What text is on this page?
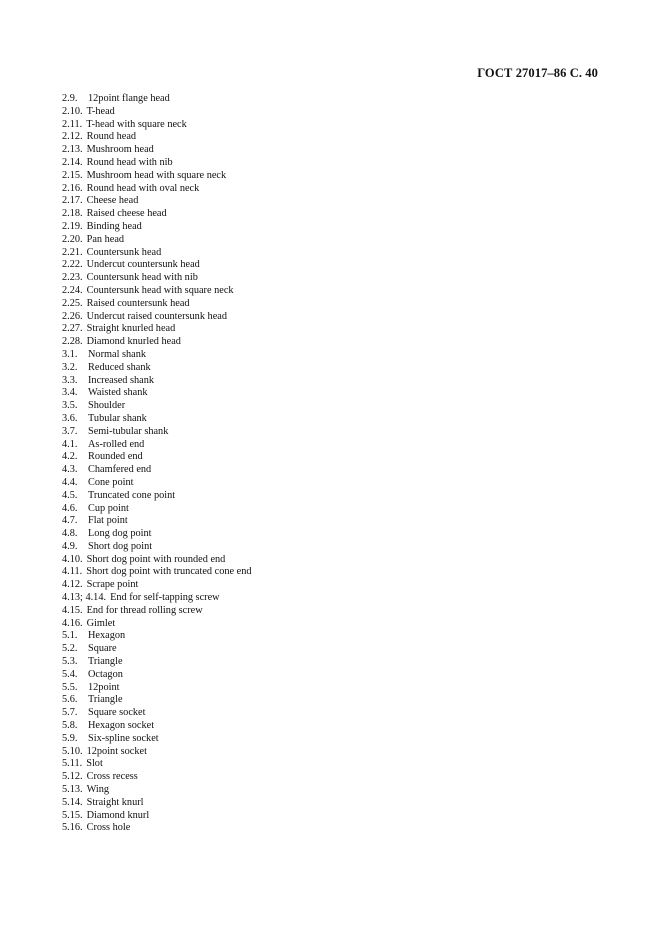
ГОСТ 27017–86 С. 40
2.9. 12point flange head
2.10. T-head
2.11. T-head with square neck
2.12. Round head
2.13. Mushroom head
2.14. Round head with nib
2.15. Mushroom head with square neck
2.16. Round head with oval neck
2.17. Cheese head
2.18. Raised cheese head
2.19. Binding head
2.20. Pan head
2.21. Countersunk head
2.22. Undercut countersunk head
2.23. Countersunk head with nib
2.24. Countersunk head with square neck
2.25. Raised countersunk head
2.26. Undercut raised countersunk head
2.27. Straight knurled head
2.28. Diamond knurled head
3.1. Normal shank
3.2. Reduced shank
3.3. Increased shank
3.4. Waisted shank
3.5. Shoulder
3.6. Tubular shank
3.7. Semi-tubular shank
4.1. As-rolled end
4.2. Rounded end
4.3. Chamfered end
4.4. Cone point
4.5. Truncated cone point
4.6. Cup point
4.7. Flat point
4.8. Long dog point
4.9. Short dog point
4.10. Short dog point with rounded end
4.11. Short dog point with truncated cone end
4.12. Scrape point
4.13; 4.14. End for self-tapping screw
4.15. End for thread rolling screw
4.16. Gimlet
5.1. Hexagon
5.2. Square
5.3. Triangle
5.4. Octagon
5.5. 12point
5.6. Triangle
5.7. Square socket
5.8. Hexagon socket
5.9. Six-spline socket
5.10. 12point socket
5.11. Slot
5.12. Cross recess
5.13. Wing
5.14. Straight knurl
5.15. Diamond knurl
5.16. Cross hole
